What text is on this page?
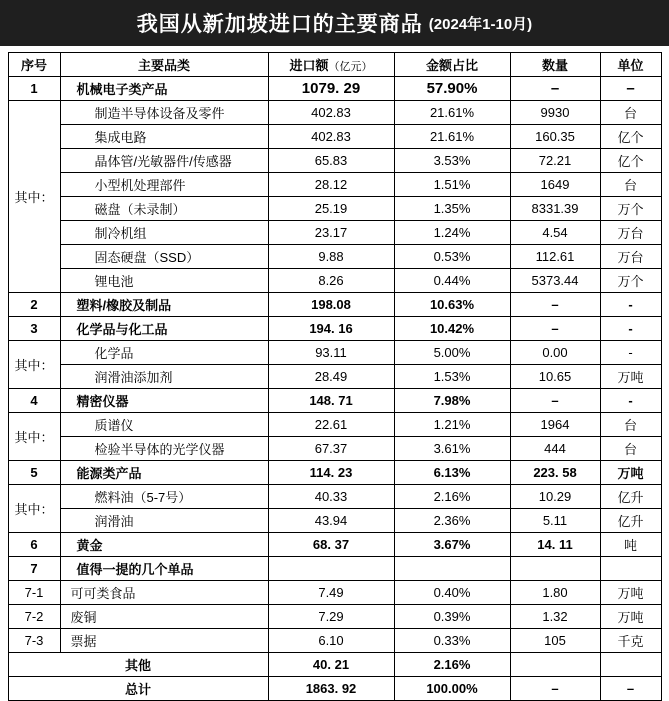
我国从新加坡进口的主要商品 (2024年1-10月)
序号	主要品类	进口额（亿元）	金额占比	数量	单位
1	机械电子类产品	1079. 29	57.90%	–	–
其中：	制造半导体设备及零件	402.83	21.61%	9930	台
	集成电路	402.83	21.61%	160.35	亿个
	晶体管/光敏器件/传感器	65.83	3.53%	72.21	亿个
	小型机处理部件	28.12	1.51%	1649	台
	磁盘（未录制）	25.19	1.35%	8331.39	万个
	制冷机组	23.17	1.24%	4.54	万台
	固态硬盘（SSD）	9.88	0.53%	112.61	万台
	锂电池	8.26	0.44%	5373.44	万个
2	塑料/橡胶及制品	198.08	10.63%	–	-
3	化学品与化工品	194. 16	10.42%	–	-
其中：	化学品	93.11	5.00%	0.00	-
	润滑油添加剂	28.49	1.53%	10.65	万吨
4	精密仪器	148. 71	7.98%	–	-
其中：	质谱仪	22.61	1.21%	1964	台
	检验半导体的光学仪器	67.37	3.61%	444	台
5	能源类产品	114. 23	6.13%	223. 58	万吨
其中：	燃料油（5-7号）	40.33	2.16%	10.29	亿升
	润滑油	43.94	2.36%	5.11	亿升
6	黄金	68. 37	3.67%	14. 11	吨
7	值得一提的几个单品				
7-1	可可类食品	7.49	0.40%	1.80	万吨
7-2	废铜	7.29	0.39%	1.32	万吨
7-3	票据	6.10	0.33%	105	千克
其他		40. 21	2.16%		
总计		1863. 92	100.00%	–	–
